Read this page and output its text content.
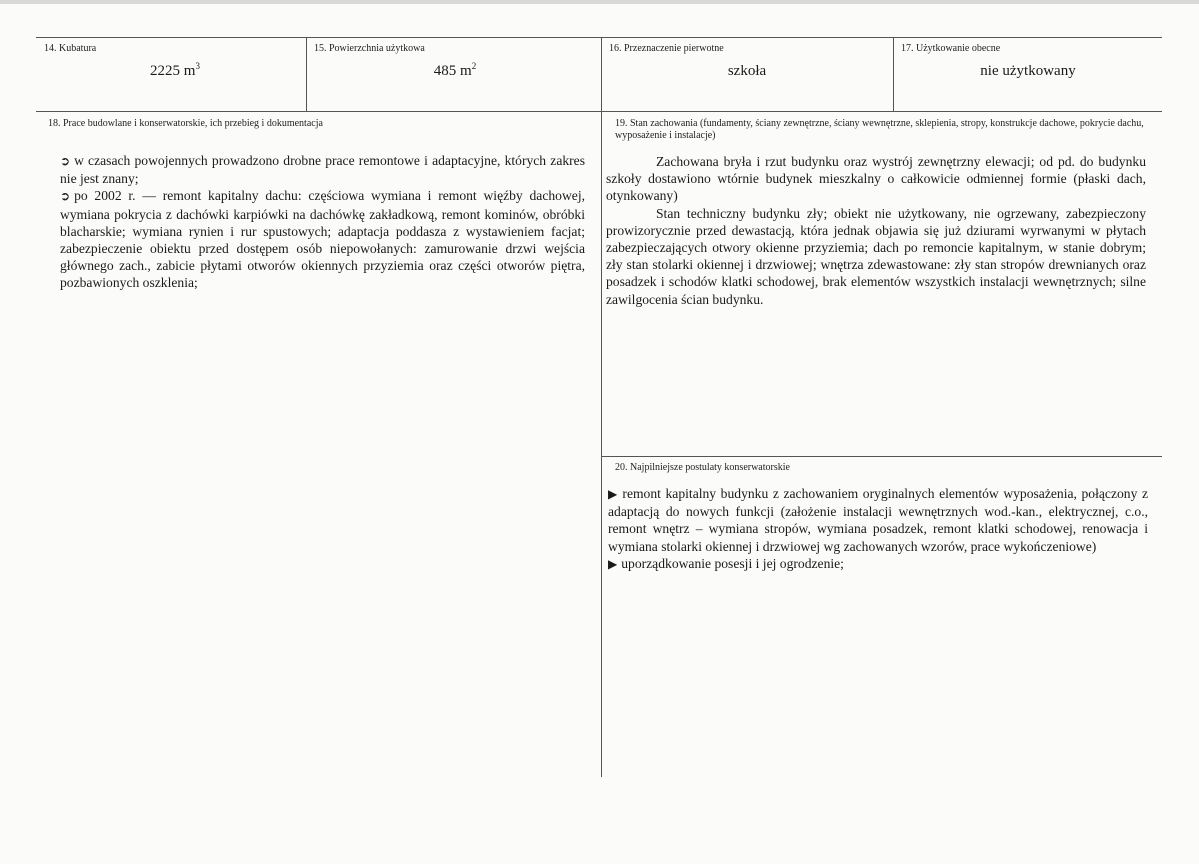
14. Kubatura
2225 $m^3$
15. Powierzchnia użytkowa
485 $m^2$
16. Przeznaczenie pierwotne
szkoła
17. Użytkowanie obecne
nie użytkowany
18. Prace budowlane i konserwatorskie, ich przebieg i dokumentacja

➲ w czasach powojennych prowadzono drobne prace remontowe i adaptacyjne, których zakres nie jest znany;

➲ po 2002 r. — remont kapitalny dachu: częściowa wymiana i remont więźby dachowej, wymiana pokrycia z dachówki karpiówki na dachówkę zakładkową, remont kominów, obróbki blacharskie; wymiana rynien i rur spustowych; adaptacja poddasza z wystawieniem facjat; zabezpieczenie obiektu przed dostępem osób niepowołanych: zamurowanie drzwi wejścia głównego zach., zabicie płytami otworów okiennych przyziemia oraz części otworów piętra, pozbawionych oszklenia;

19. Stan zachowania (fundamenty, ściany zewnętrzne, ściany wewnętrzne, sklepienia, stropy, konstrukcje dachowe, pokrycie dachu, wyposażenie i instalacje)

Zachowana bryła i rzut budynku oraz wystrój zewnętrzny elewacji; od pd. do budynku szkoły dostawiono wtórnie budynek mieszkalny o całkowicie odmiennej formie (płaski dach, otynkowany)

Stan techniczny budynku zły; obiekt nie użytkowany, nie ogrzewany, zabezpieczony prowizorycznie przed dewastacją, która jednak objawia się już dziurami wyrwanymi w płytach zabezpieczających otwory okienne przyziemia; dach po remoncie kapitalnym, w stanie dobrym; zły stan stolarki okiennej i drzwiowej; wnętrza zdewastowane: zły stan stropów drewnianych oraz posadzek i schodów klatki schodowej, brak elementów wszystkich instalacji wewnętrznych; silne zawilgocenia ścian budynku.

20. Najpilniejsze postulaty konserwatorskie

▶ remont kapitalny budynku z zachowaniem oryginalnych elementów wyposażenia, połączony z adaptacją do nowych funkcji (założenie instalacji wewnętrznych wod.-kan., elektrycznej, c.o., remont wnętrz – wymiana stropów, wymiana posadzek, remont klatki schodowej, renowacja i wymiana stolarki okiennej i drzwiowej wg zachowanych wzorów, prace wykończeniowe)

▶ uporządkowanie posesji i jej ogrodzenie;
